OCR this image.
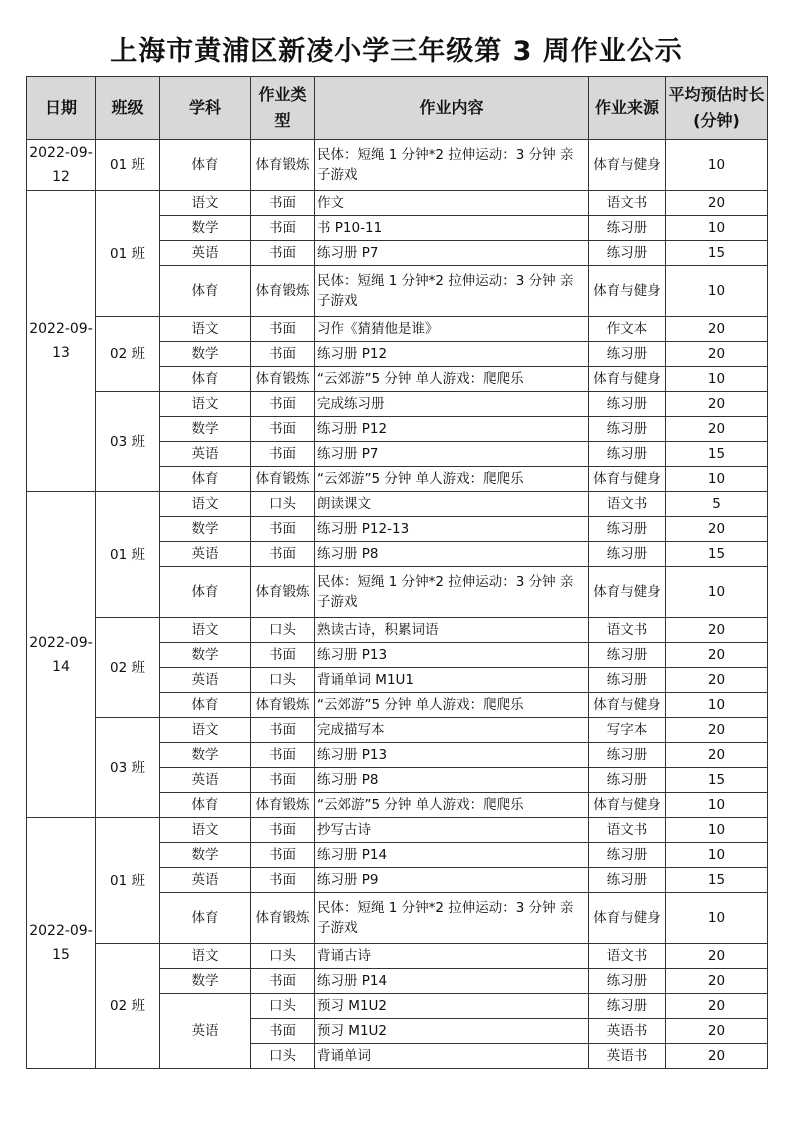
上海市黄浦区新凌小学三年级第 3 周作业公示
日期	班级	学科	作业类型	作业内容	作业来源	平均预估时长(分钟)
2022-09-12	01 班	体育	体育锻炼	民体：短绳 1 分钟*2 拉伸运动：3 分钟 亲子游戏	体育与健身	10
2022-09-13	01 班	语文	书面	作文	语文书	20
		数学	书面	书 P10-11	练习册	10
		英语	书面	练习册 P7	练习册	15
		体育	体育锻炼	民体：短绳 1 分钟*2 拉伸运动：3 分钟 亲子游戏	体育与健身	10
	02 班	语文	书面	习作《猜猜他是谁》	作文本	20
		数学	书面	练习册 P12	练习册	20
		体育	体育锻炼	“云郊游”5 分钟 单人游戏：爬爬乐	体育与健身	10
	03 班	语文	书面	完成练习册	练习册	20
		数学	书面	练习册 P12	练习册	20
		英语	书面	练习册 P7	练习册	15
		体育	体育锻炼	“云郊游”5 分钟 单人游戏：爬爬乐	体育与健身	10
2022-09-14	01 班	语文	口头	朗读课文	语文书	5
		数学	书面	练习册 P12-13	练习册	20
		英语	书面	练习册 P8	练习册	15
		体育	体育锻炼	民体：短绳 1 分钟*2 拉伸运动：3 分钟 亲子游戏	体育与健身	10
	02 班	语文	口头	熟读古诗，积累词语	语文书	20
		数学	书面	练习册 P13	练习册	20
		英语	口头	背诵单词 M1U1	练习册	20
		体育	体育锻炼	“云郊游”5 分钟 单人游戏：爬爬乐	体育与健身	10
	03 班	语文	书面	完成描写本	写字本	20
		数学	书面	练习册 P13	练习册	20
		英语	书面	练习册 P8	练习册	15
		体育	体育锻炼	“云郊游”5 分钟 单人游戏：爬爬乐	体育与健身	10
2022-09-15	01 班	语文	书面	抄写古诗	语文书	10
		数学	书面	练习册 P14	练习册	10
		英语	书面	练习册 P9	练习册	15
		体育	体育锻炼	民体：短绳 1 分钟*2 拉伸运动：3 分钟 亲子游戏	体育与健身	10
	02 班	语文	口头	背诵古诗	语文书	20
		数学	书面	练习册 P14	练习册	20
		英语	口头	预习 M1U2	练习册	20
			书面	预习 M1U2	英语书	20
			口头	背诵单词	英语书	20
